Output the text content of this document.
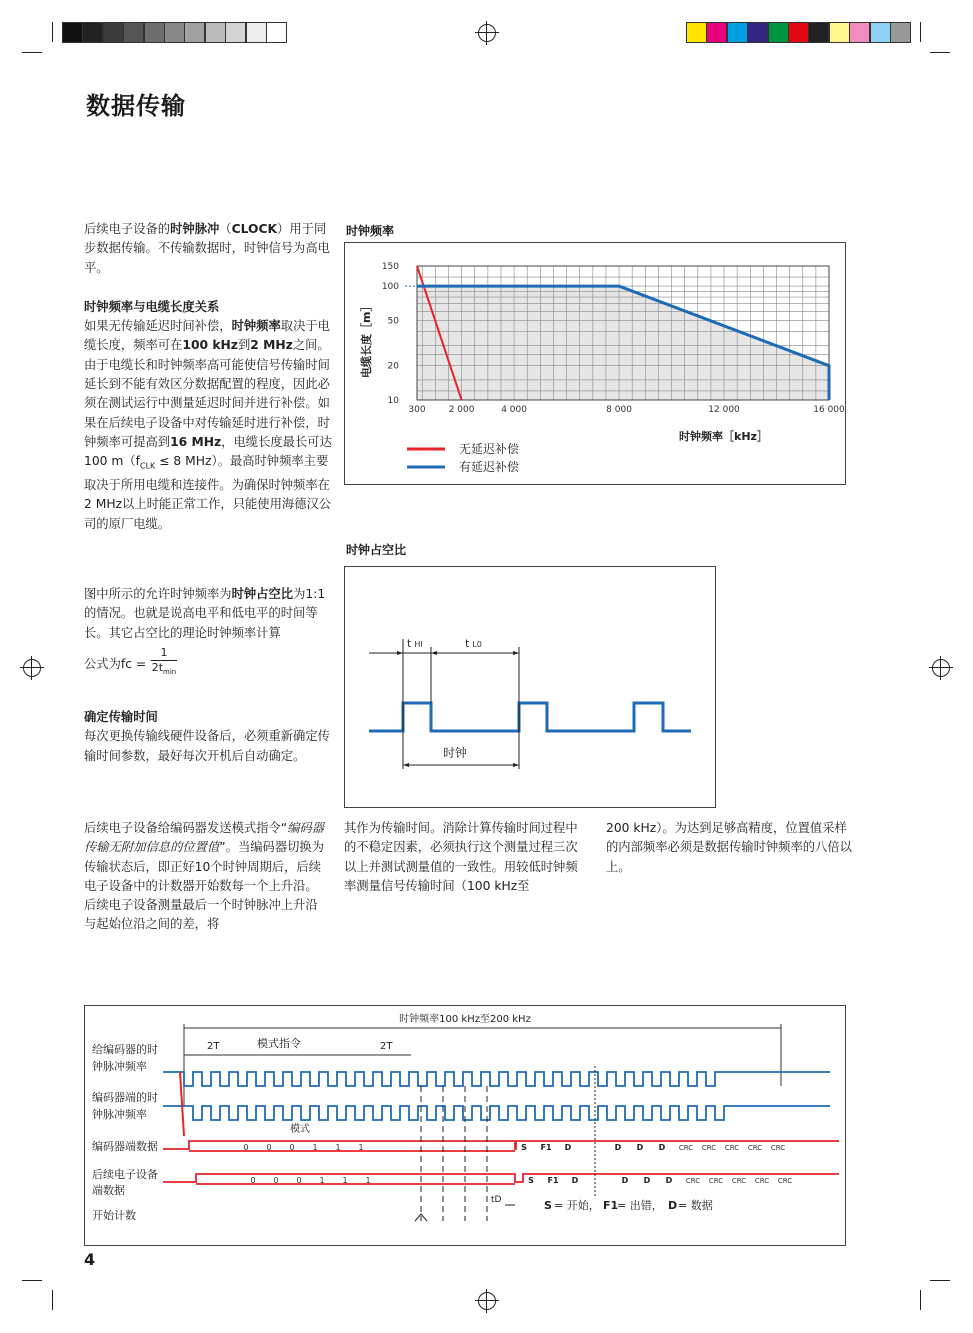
数据传输
后续电子设备的时钟脉冲（CLOCK）用于同步数据传输。不传输数据时，时钟信号为高电平。
时钟频率与电缆长度关系
如果无传输延迟时间补偿，时钟频率取决于电缆长度，频率可在100 kHz到2 MHz之间。由于电缆长和时钟频率高可能使信号传输时间延长到不能有效区分数据配置的程度，因此必须在测试运行中测量延迟时间并进行补偿。如果在后续电子设备中对传输延时进行补偿，时钟频率可提高到16 MHz，电缆长度最长可达100 $m(f_{CLK} \le 8$ MHz）。最高时钟频率主要取决于所用电缆和连接件。为确保时钟频率在2 MHz以上时能正常工作，只能使用海德汉公司的原厂电缆。
图中所示的允许时钟频率为时钟占空比为1:1的情况。也就是说高电平和低电平的时间等长。其它占空比的理论时钟频率计算
公式为fc =
1
$2t_{min}$
确定传输时间
每次更换传输线硬件设备后，必须重新确定传输时间参数，最好每次开机后自动确定。
后续电子设备给编码器发送模式指令“编码器传输无附加信息的位置值”。当编码器切换为传输状态后，即正好10个时钟周期后，后续电子设备中的计数器开始数每一个上升沿。后续电子设备测量最后一个时钟脉冲上升沿与起始位沿之间的差，将
其作为传输时间。消除计算传输时间过程中的不稳定因素，必须执行这个测量过程三次以上并测试测量值的一致性。用较低时钟频率测量信号传输时间（100 kHz至
200 kHz）。为达到足够高精度，位置值采样的内部频率必须是数据传输时钟频率的八倍以上。
时钟频率
300	2 000	4 000	8 000	12 000	16 000
150
100
50
20
10
时钟频率［kHz］
电缆长度［m］
无延迟补偿
有延迟补偿
时钟占空比
t HI	t L0
时钟
时钟频率100 kHz至200 kHz
2T	模式指令	2T
给编码器的时
钟脉冲频率
编码器端的时
钟脉冲频率
编码器端数据
后续电子设备
端数据
开始计数
模式
0 0 0 1 1 1	S F1 D	D D D CRC CRC CRC CRC CRC
0 0 0 1 1 1	S F1 D	D D D CRC CRC CRC CRC CRC
tD	S = 开始， F1
= 出错， D = 数据
4
